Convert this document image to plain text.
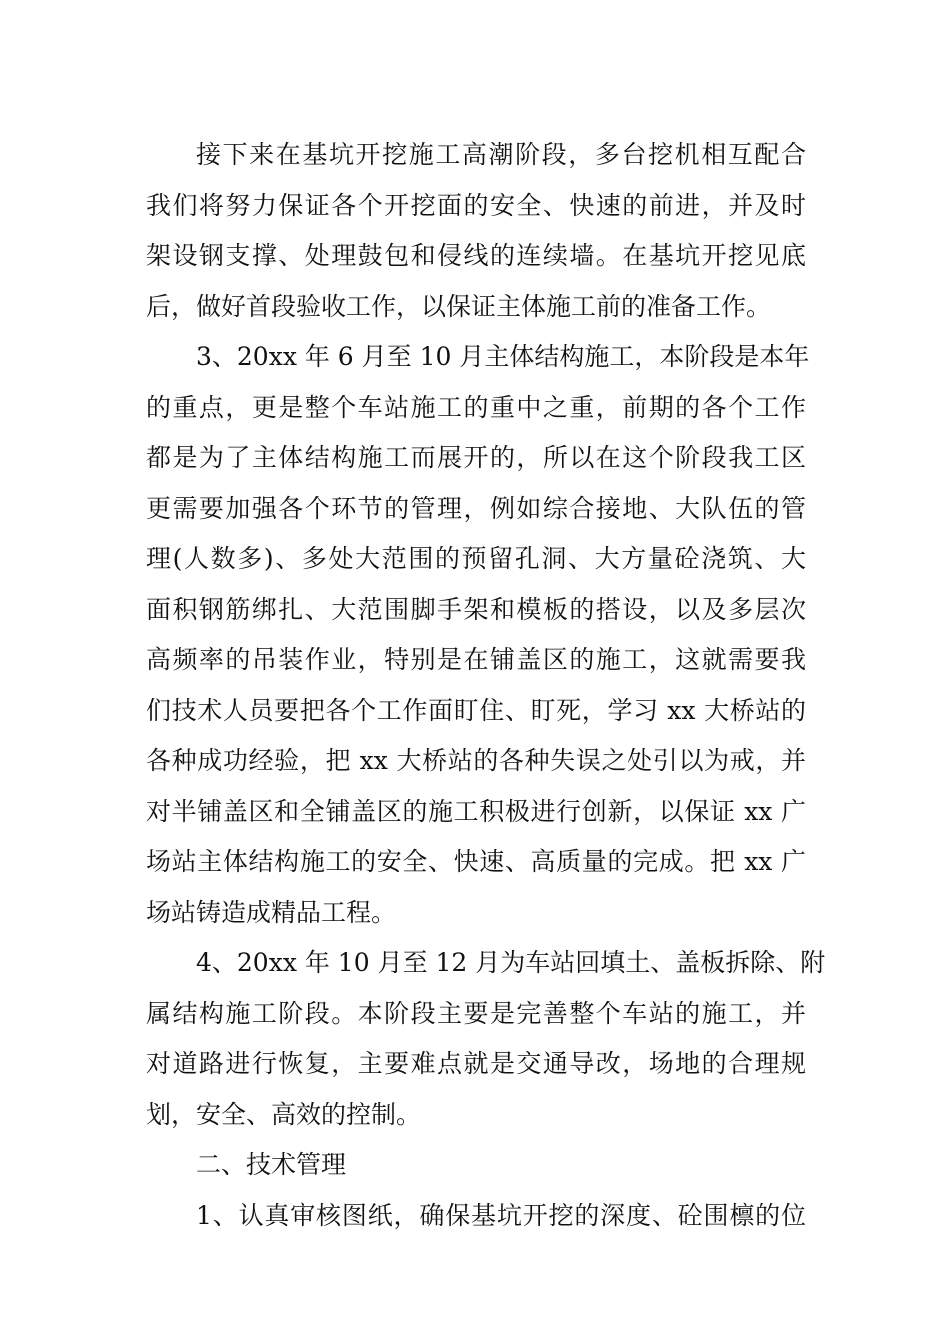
接下来在基坑开挖施工高潮阶段，多台挖机相互配合
我们将努力保证各个开挖面的安全、快速的前进，并及时
架设钢支撑、处理鼓包和侵线的连续墙。在基坑开挖见底
后，做好首段验收工作，以保证主体施工前的准备工作。
3、20xx 年 6 月至 10 月主体结构施工，本阶段是本年
的重点，更是整个车站施工的重中之重，前期的各个工作
都是为了主体结构施工而展开的，所以在这个阶段我工区
更需要加强各个环节的管理，例如综合接地、大队伍的管
理(人数多)、多处大范围的预留孔洞、大方量砼浇筑、大
面积钢筋绑扎、大范围脚手架和模板的搭设，以及多层次
高频率的吊装作业，特别是在铺盖区的施工，这就需要我
们技术人员要把各个工作面盯住、盯死，学习 xx 大桥站的
各种成功经验，把 xx 大桥站的各种失误之处引以为戒，并
对半铺盖区和全铺盖区的施工积极进行创新，以保证 xx 广
场站主体结构施工的安全、快速、高质量的完成。把 xx 广
场站铸造成精品工程。
4、20xx 年 10 月至 12 月为车站回填土、盖板拆除、附
属结构施工阶段。本阶段主要是完善整个车站的施工，并
对道路进行恢复，主要难点就是交通导改，场地的合理规
划，安全、高效的控制。
二、技术管理
1、认真审核图纸，确保基坑开挖的深度、砼围檩的位
